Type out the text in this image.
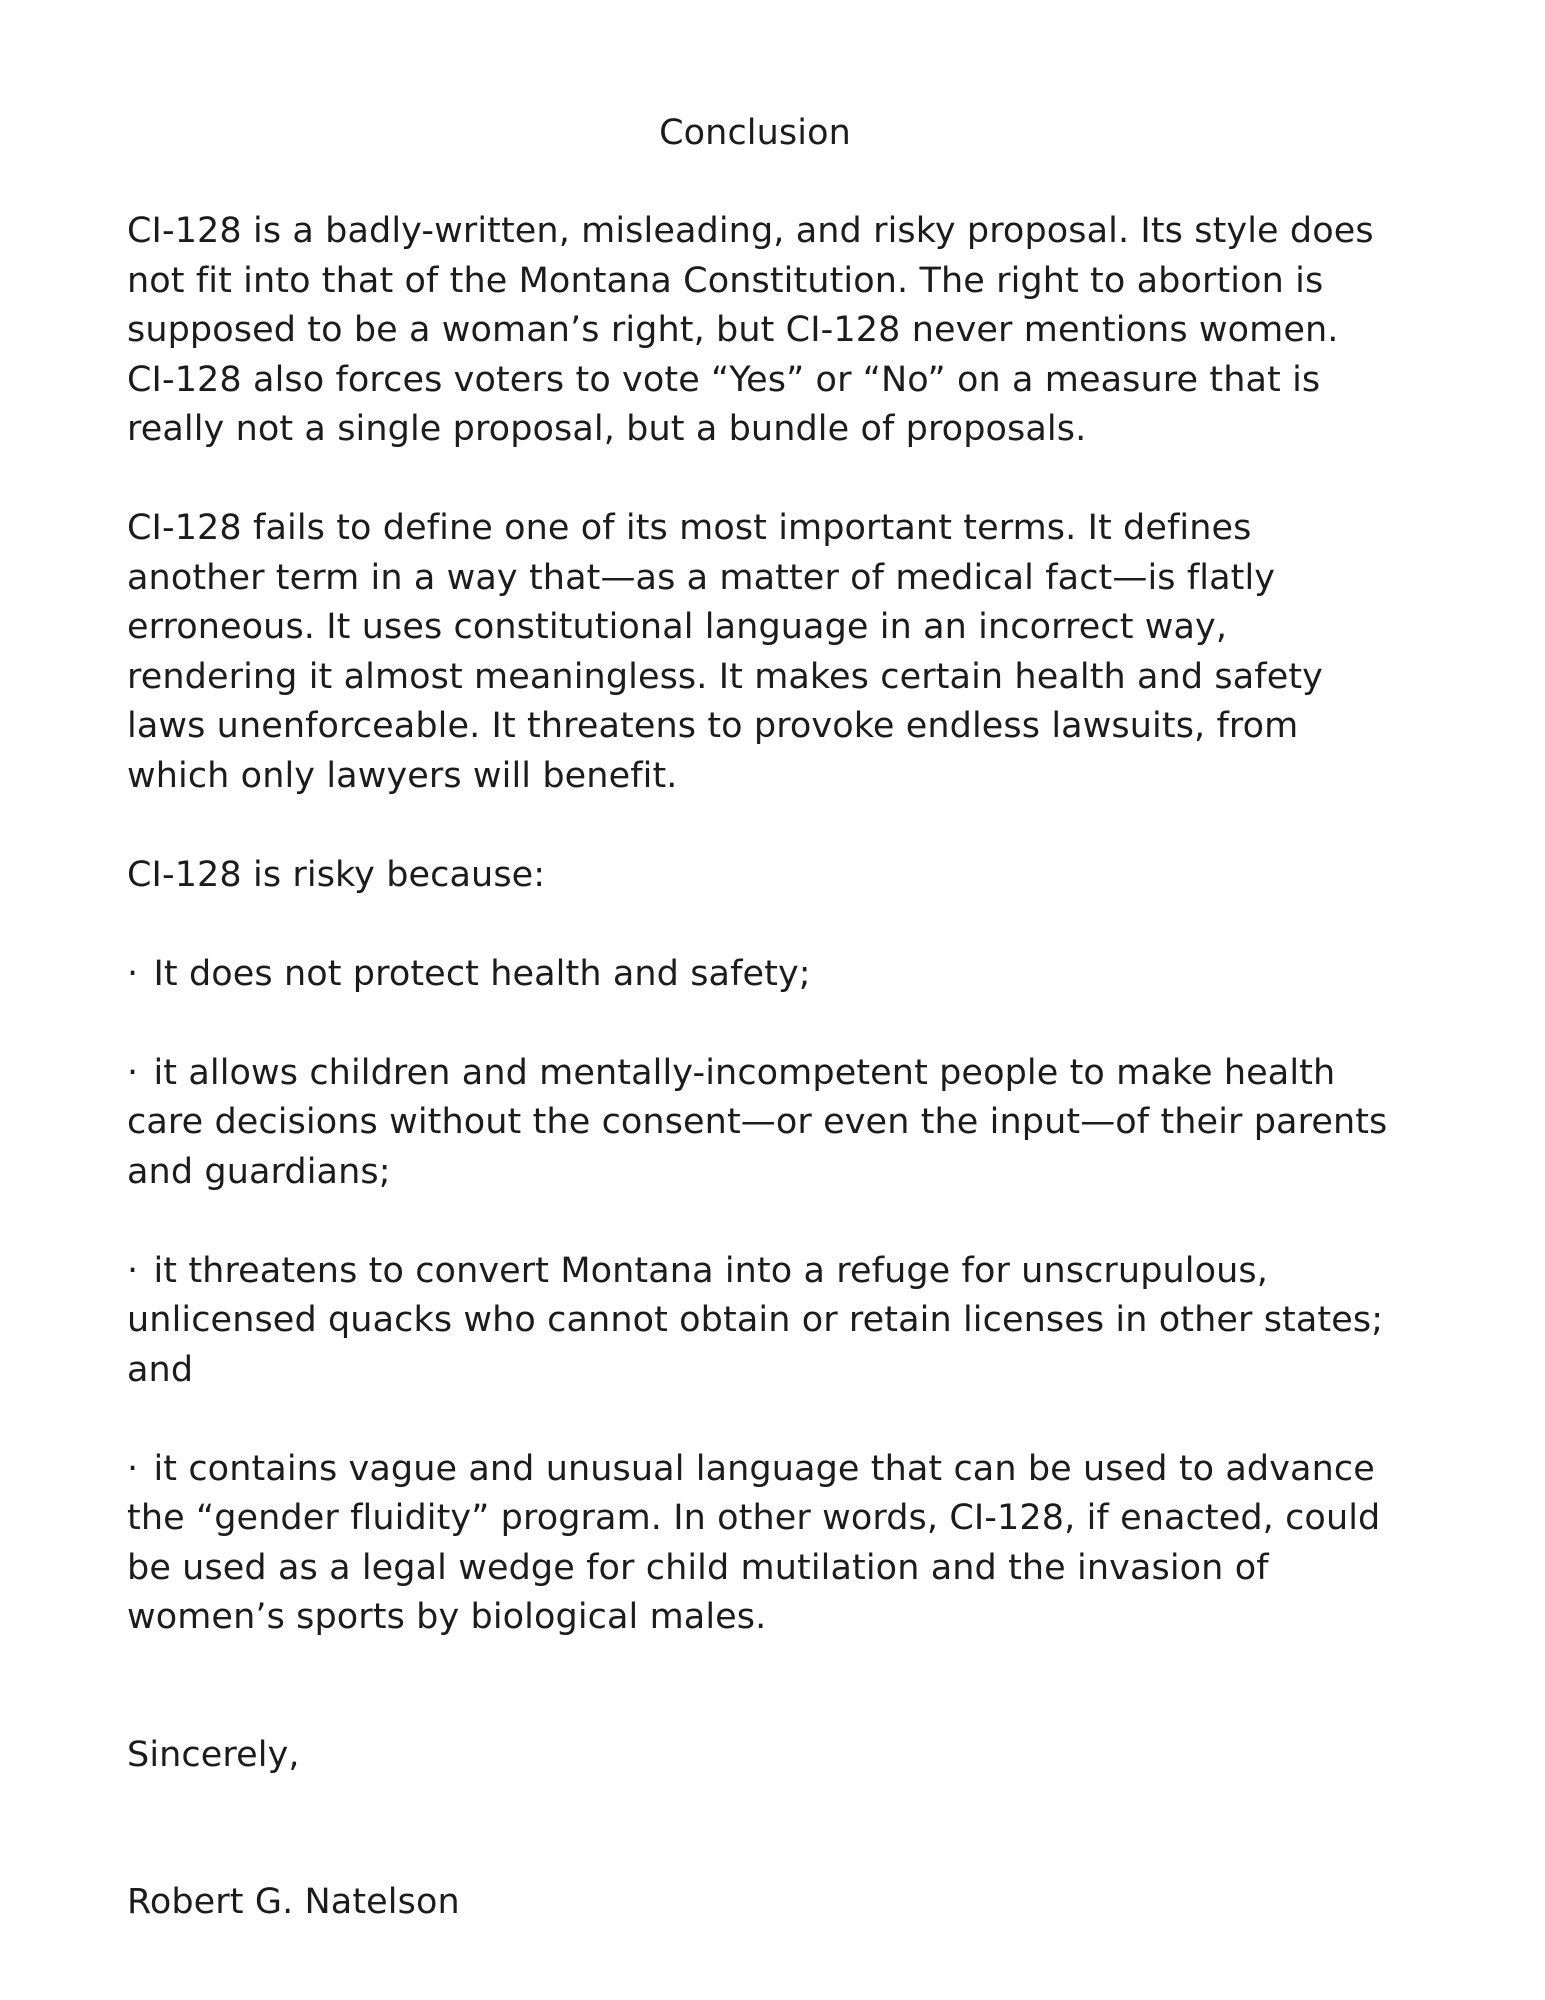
Conclusion

CI-128 is a badly-written, misleading, and risky proposal. Its style does not fit into that of the Montana Constitution. The right to abortion is supposed to be a woman’s right, but CI-128 never mentions women. CI-128 also forces voters to vote “Yes” or “No” on a measure that is really not a single proposal, but a bundle of proposals.

CI-128 fails to define one of its most important terms. It defines another term in a way that—as a matter of medical fact—is flatly erroneous. It uses constitutional language in an incorrect way, rendering it almost meaningless. It makes certain health and safety laws unenforceable. It threatens to provoke endless lawsuits, from which only lawyers will benefit.

CI-128 is risky because:

· It does not protect health and safety;
· it allows children and mentally-incompetent people to make health care decisions without the consent—or even the input—of their parents and guardians;
· it threatens to convert Montana into a refuge for unscrupulous, unlicensed quacks who cannot obtain or retain licenses in other states; and
· it contains vague and unusual language that can be used to advance the “gender fluidity” program. In other words, CI-128, if enacted, could be used as a legal wedge for child mutilation and the invasion of women’s sports by biological males.

Sincerely,

Robert G. Natelson
